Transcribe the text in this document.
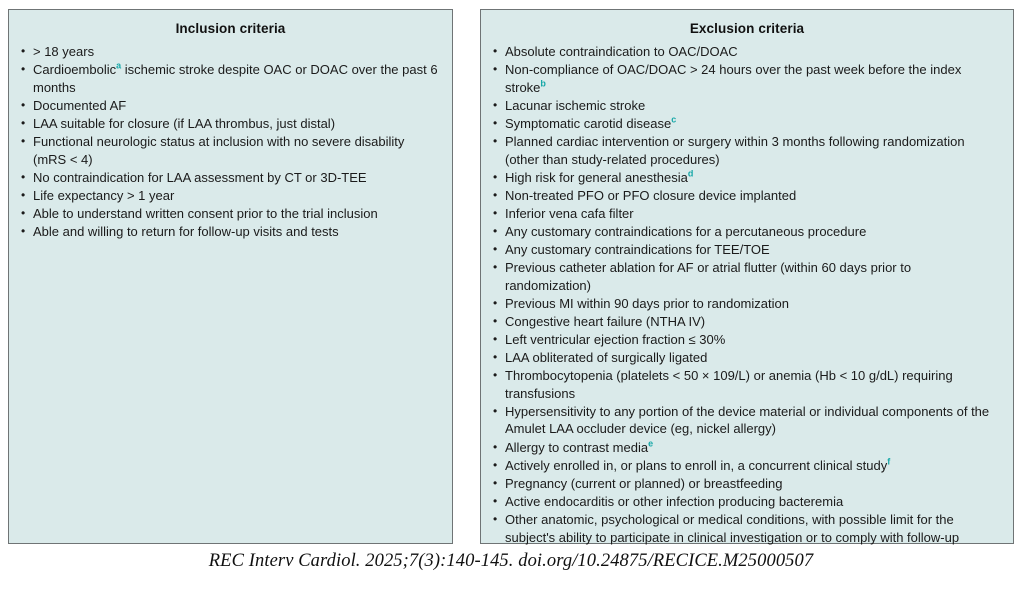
Inclusion criteria
• > 18 years
• Cardioembolic$^a$ ischemic stroke despite OAC or DOAC over the past 6 months
• Documented AF
• LAA suitable for closure (if LAA thrombus, just distal)
• Functional neurologic status at inclusion with no severe disability (mRS < 4)
• No contraindication for LAA assessment by CT or 3D-TEE
• Life expectancy > 1 year
• Able to understand written consent prior to the trial inclusion
• Able and willing to return for follow-up visits and tests
Exclusion criteria
• Absolute contraindication to OAC/DOAC
• Non-compliance of OAC/DOAC > 24 hours over the past week before the index stroke$^b$
• Lacunar ischemic stroke
• Symptomatic carotid disease$^c$
• Planned cardiac intervention or surgery within 3 months following randomization (other than study-related procedures)
• High risk for general anesthesia$^d$
• Non-treated PFO or PFO closure device implanted
• Inferior vena cafa filter
• Any customary contraindications for a percutaneous procedure
• Any customary contraindications for TEE/TOE
• Previous catheter ablation for AF or atrial flutter (within 60 days prior to randomization)
• Previous MI within 90 days prior to randomization
• Congestive heart failure (NTHA IV)
• Left ventricular ejection fraction ≤ 30%
• LAA obliterated of surgically ligated
• Thrombocytopenia (platelets < 50 × 109/L) or anemia (Hb < 10 g/dL) requiring transfusions
• Hypersensitivity to any portion of the device material or individual components of the Amulet LAA occluder device (eg, nickel allergy)
• Allergy to contrast media$^e$
• Actively enrolled in, or plans to enroll in, a concurrent clinical study$^f$
• Pregnancy (current or planned) or breastfeeding
• Active endocarditis or other infection producing bacteremia
• Other anatomic, psychological or medical conditions, with possible limit for the subject's ability to participate in clinical investigation or to comply with follow-up
REC Interv Cardiol. 2025;7(3):140-145. doi.org/10.24875/RECICE.M25000507
